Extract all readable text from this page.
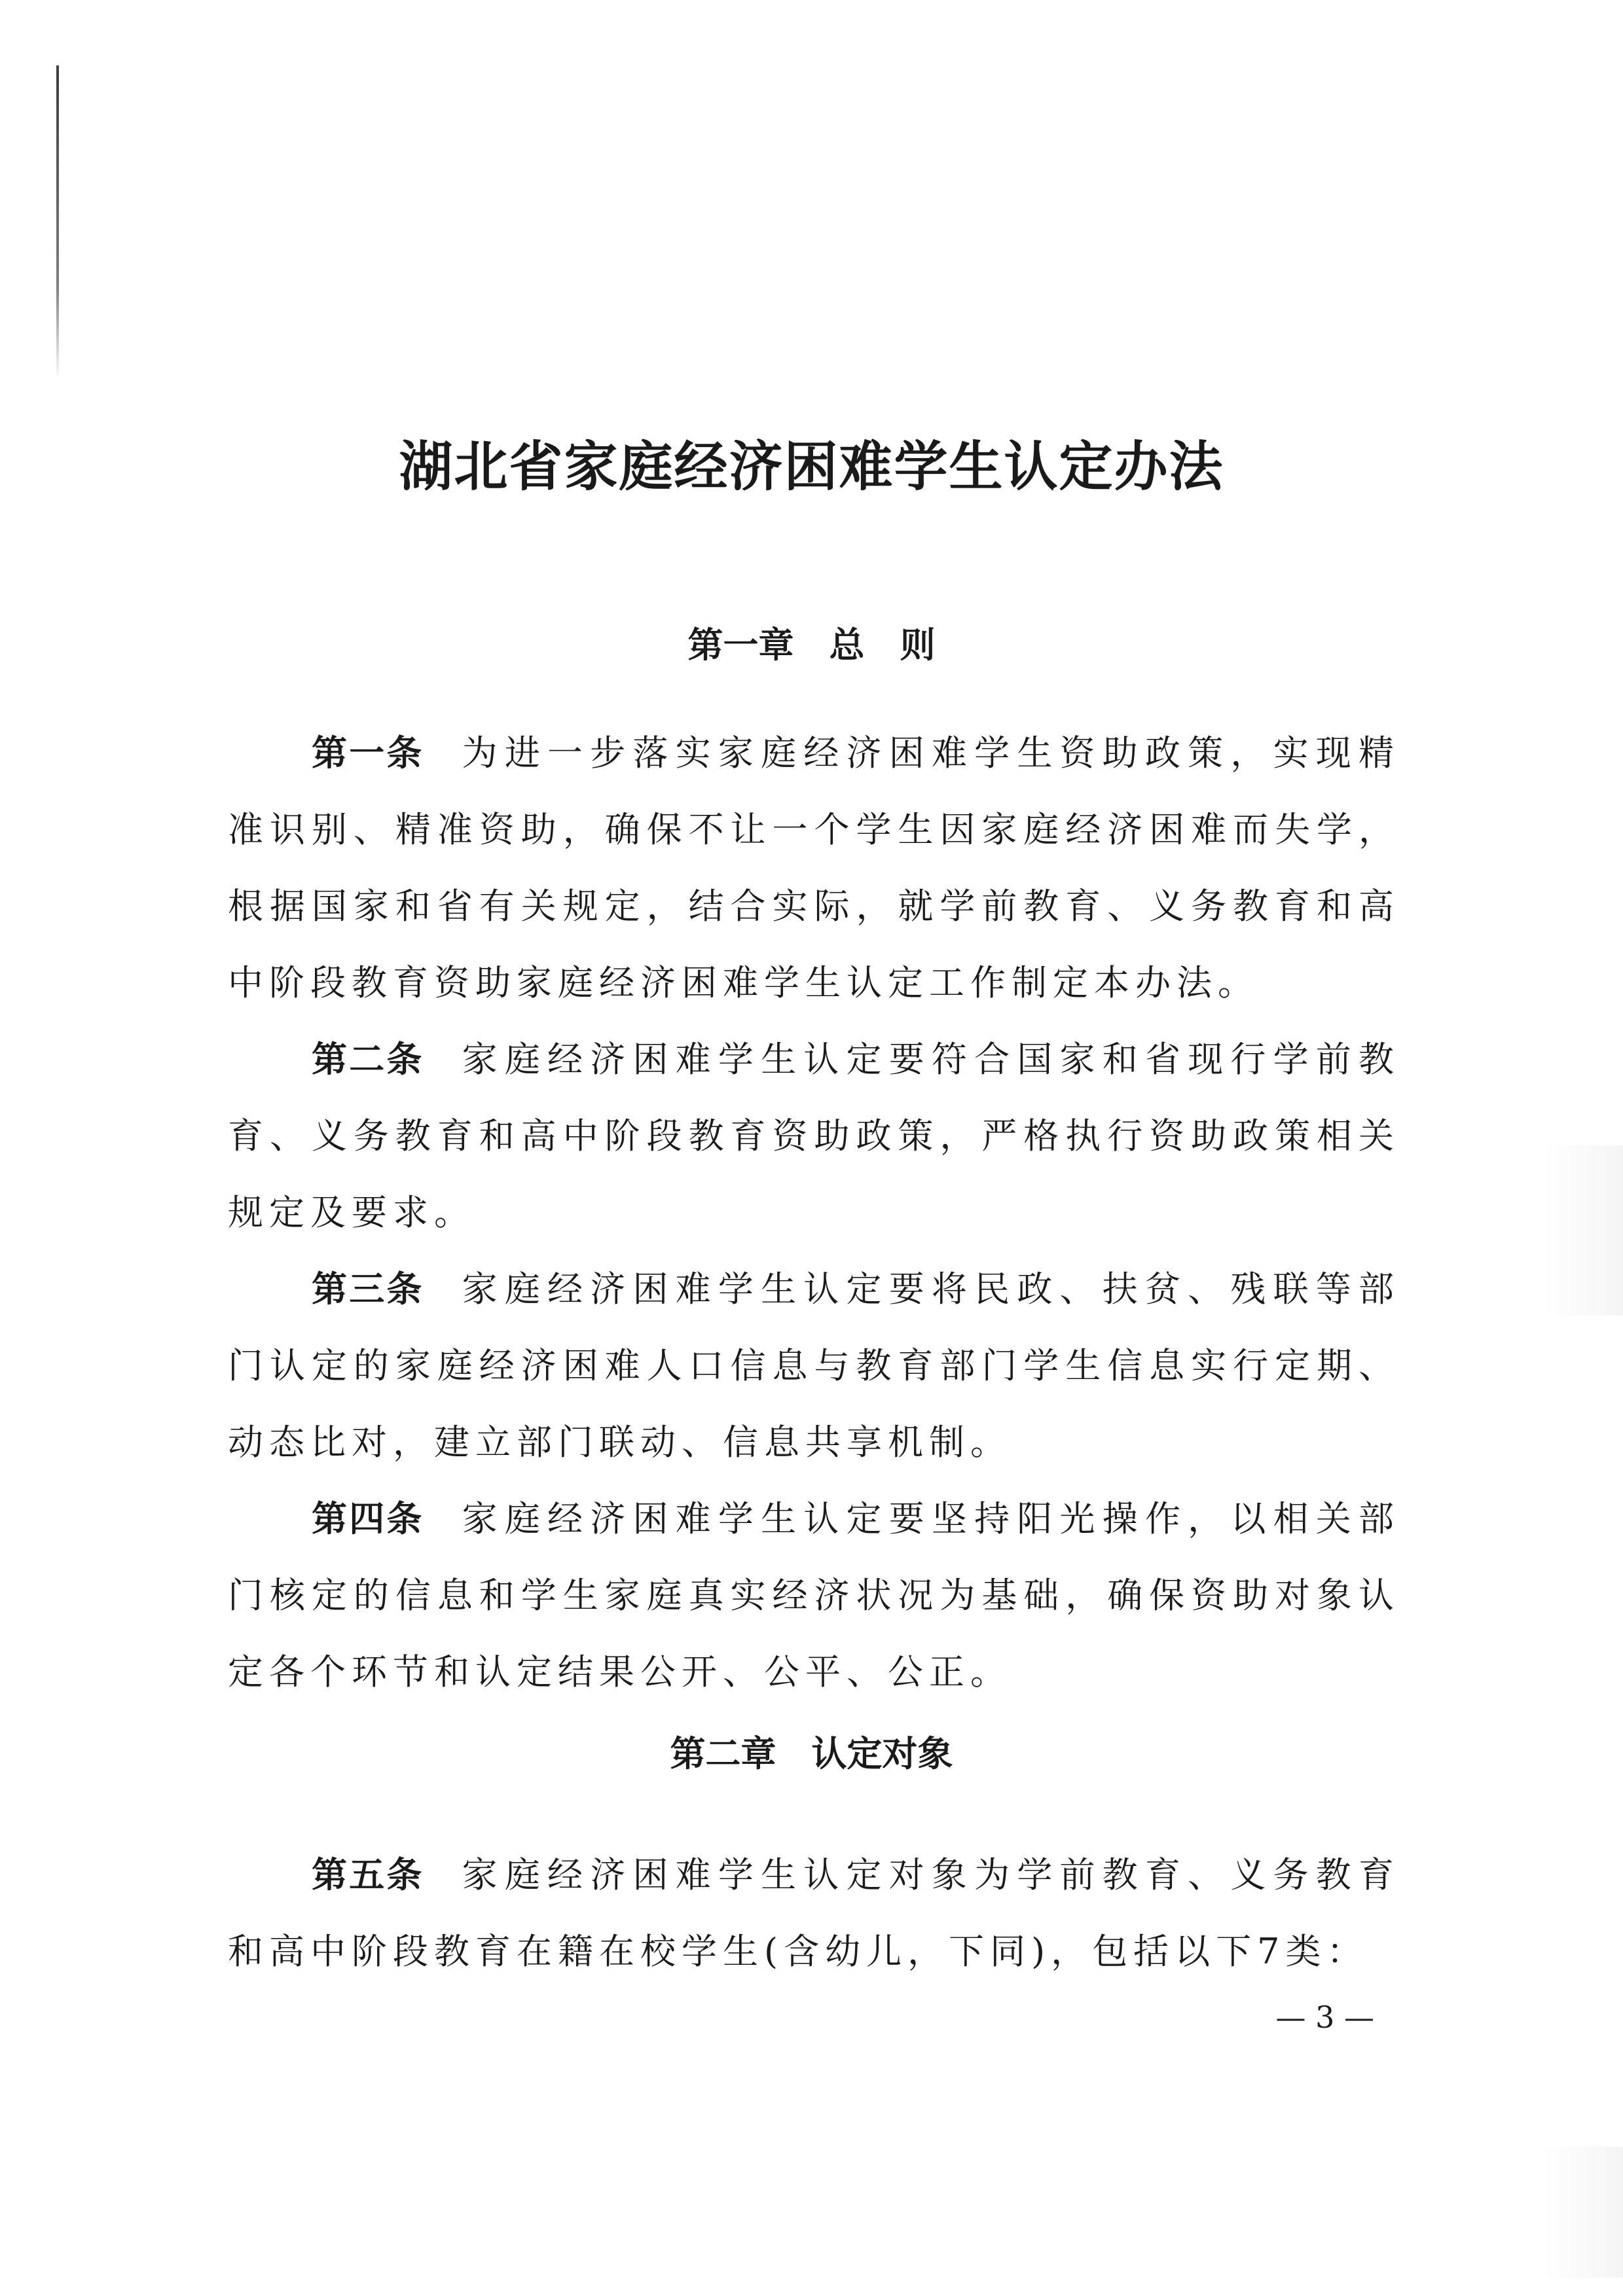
湖北省家庭经济困难学生认定办法
第一章　总　则

第一条 为进一步落实家庭经济困难学生资助政策，实现精准识别、精准资助，确保不让一个学生因家庭经济困难而失学，根据国家和省有关规定，结合实际，就学前教育、义务教育和高中阶段教育资助家庭经济困难学生认定工作制定本办法。

第二条 家庭经济困难学生认定要符合国家和省现行学前教育、义务教育和高中阶段教育资助政策，严格执行资助政策相关规定及要求。

第三条 家庭经济困难学生认定要将民政、扶贫、残联等部门认定的家庭经济困难人口信息与教育部门学生信息实行定期、动态比对，建立部门联动、信息共享机制。

第四条 家庭经济困难学生认定要坚持阳光操作，以相关部门核定的信息和学生家庭真实经济状况为基础，确保资助对象认定各个环节和认定结果公开、公平、公正。

第二章　认定对象

第五条 家庭经济困难学生认定对象为学前教育、义务教育和高中阶段教育在籍在校学生(含幼儿，下同)，包括以下7类：

— 3 —
